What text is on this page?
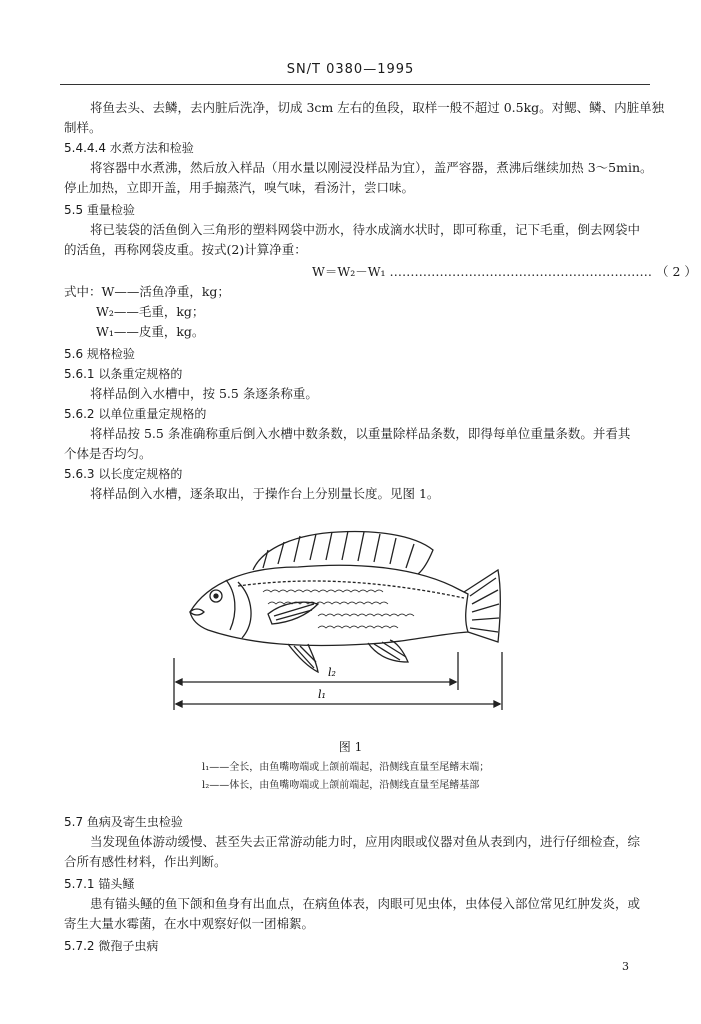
SN/T 0380—1995
将鱼去头、去鳞，去内脏后洗净，切成 3cm 左右的鱼段，取样一般不超过 0.5kg。对鳃、鳞、内脏单独
制样。
5.4.4.4 水煮方法和检验
将容器中水煮沸，然后放入样品（用水量以刚浸没样品为宜），盖严容器，煮沸后继续加热 3～5min。
停止加热，立即开盖，用手搧蒸汽，嗅气味，看汤汁，尝口味。
5.5 重量检验
将已装袋的活鱼倒入三角形的塑料网袋中沥水，待水成滴水状时，即可称重，记下毛重，倒去网袋中
的活鱼，再称网袋皮重。按式(2)计算净重：
W＝W₂－W₁ ……………………………………………………… （ 2 ）
式中：W——活鱼净重，kg；
W₂——毛重，kg；
W₁——皮重，kg。
5.6 规格检验
5.6.1 以条重定规格的
将样品倒入水槽中，按 5.5 条逐条称重。
5.6.2 以单位重量定规格的
将样品按 5.5 条准确称重后倒入水槽中数条数，以重量除样品条数，即得每单位重量条数。并看其
个体是否均匀。
5.6.3 以长度定规格的
将样品倒入水槽，逐条取出，于操作台上分别量长度。见图 1。
l₂
l₁
图 1
l₁——全长，由鱼嘴吻端或上颌前端起，沿侧线直量至尾鳍末端；
l₂——体长，由鱼嘴吻端或上颌前端起，沿侧线直量至尾鳍基部
5.7 鱼病及寄生虫检验
当发现鱼体游动缓慢、甚至失去正常游动能力时，应用肉眼或仪器对鱼从表到内，进行仔细检查，综
合所有感性材料，作出判断。
5.7.1 锚头鳋
患有锚头鳋的鱼下颌和鱼身有出血点，在病鱼体表，肉眼可见虫体，虫体侵入部位常见红肿发炎，或
寄生大量水霉菌，在水中观察好似一团棉絮。
5.7.2 微孢子虫病
3
